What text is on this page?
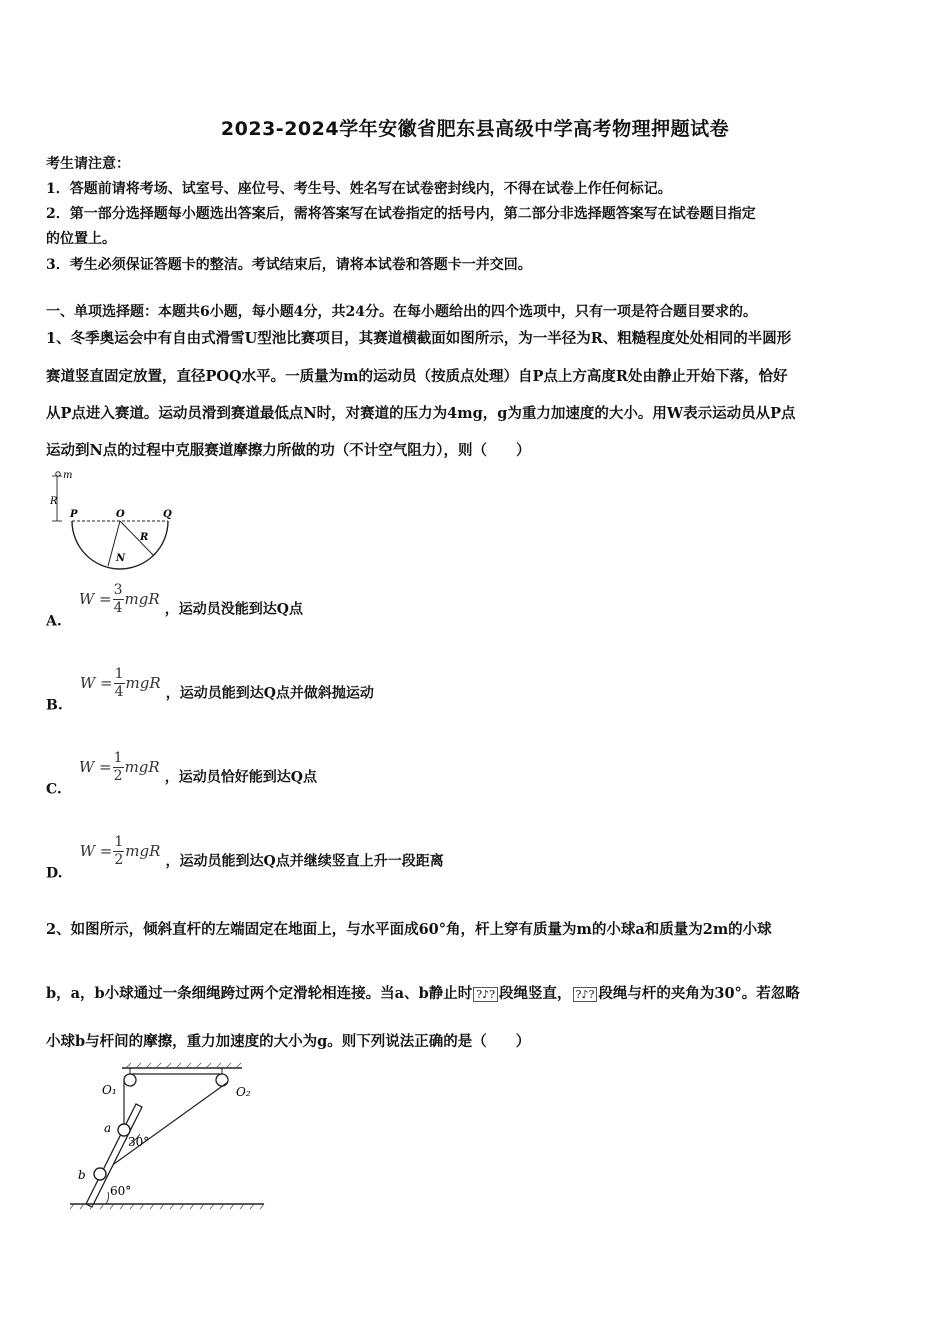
2023-2024学年安徽省肥东县高级中学高考物理押题试卷
考生请注意：
1．答题前请将考场、试室号、座位号、考生号、姓名写在试卷密封线内，不得在试卷上作任何标记。
2．第一部分选择题每小题选出答案后，需将答案写在试卷指定的括号内，第二部分非选择题答案写在试卷题目指定
的位置上。
3．考生必须保证答题卡的整洁。考试结束后，请将本试卷和答题卡一并交回。
一、单项选择题：本题共6小题，每小题4分，共24分。在每小题给出的四个选项中，只有一项是符合题目要求的。
1、冬季奥运会中有自由式滑雪U型池比赛项目，其赛道横截面如图所示，为一半径为R、粗糙程度处处相同的半圆形
赛道竖直固定放置，直径POQ水平。一质量为m的运动员（按质点处理）自P点上方高度R处由静止开始下落，恰好
从P点进入赛道。运动员滑到赛道最低点N时，对赛道的压力为4mg，g为重力加速度的大小。用W表示运动员从P点
运动到N点的过程中克服赛道摩擦力所做的功（不计空气阻力），则（　　）
m
R
P	O	Q
R
N
A. $W = \frac{3}{4}$ mgR ，运动员没能到达Q点
B. $W = \frac{1}{4}$ mgR ，运动员能到达Q点并做斜抛运动
C. $W = \frac{1}{2}$ mgR ，运动员恰好能到达Q点
D. $W = \frac{1}{2}$ mgR ，运动员能到达Q点并继续竖直上升一段距离
2、如图所示，倾斜直杆的左端固定在地面上，与水平面成60°角，杆上穿有质量为m的小球a和质量为2m的小球
b，a，b小球通过一条细绳跨过两个定滑轮相连接。当a、b静止时 ?♪? 段绳竖直， ?♪? 段绳与杆的夹角为30°。若忽略
小球b与杆间的摩擦，重力加速度的大小为g。则下列说法正确的是（　　）
O₁	O₂
a
b
30°
60°
